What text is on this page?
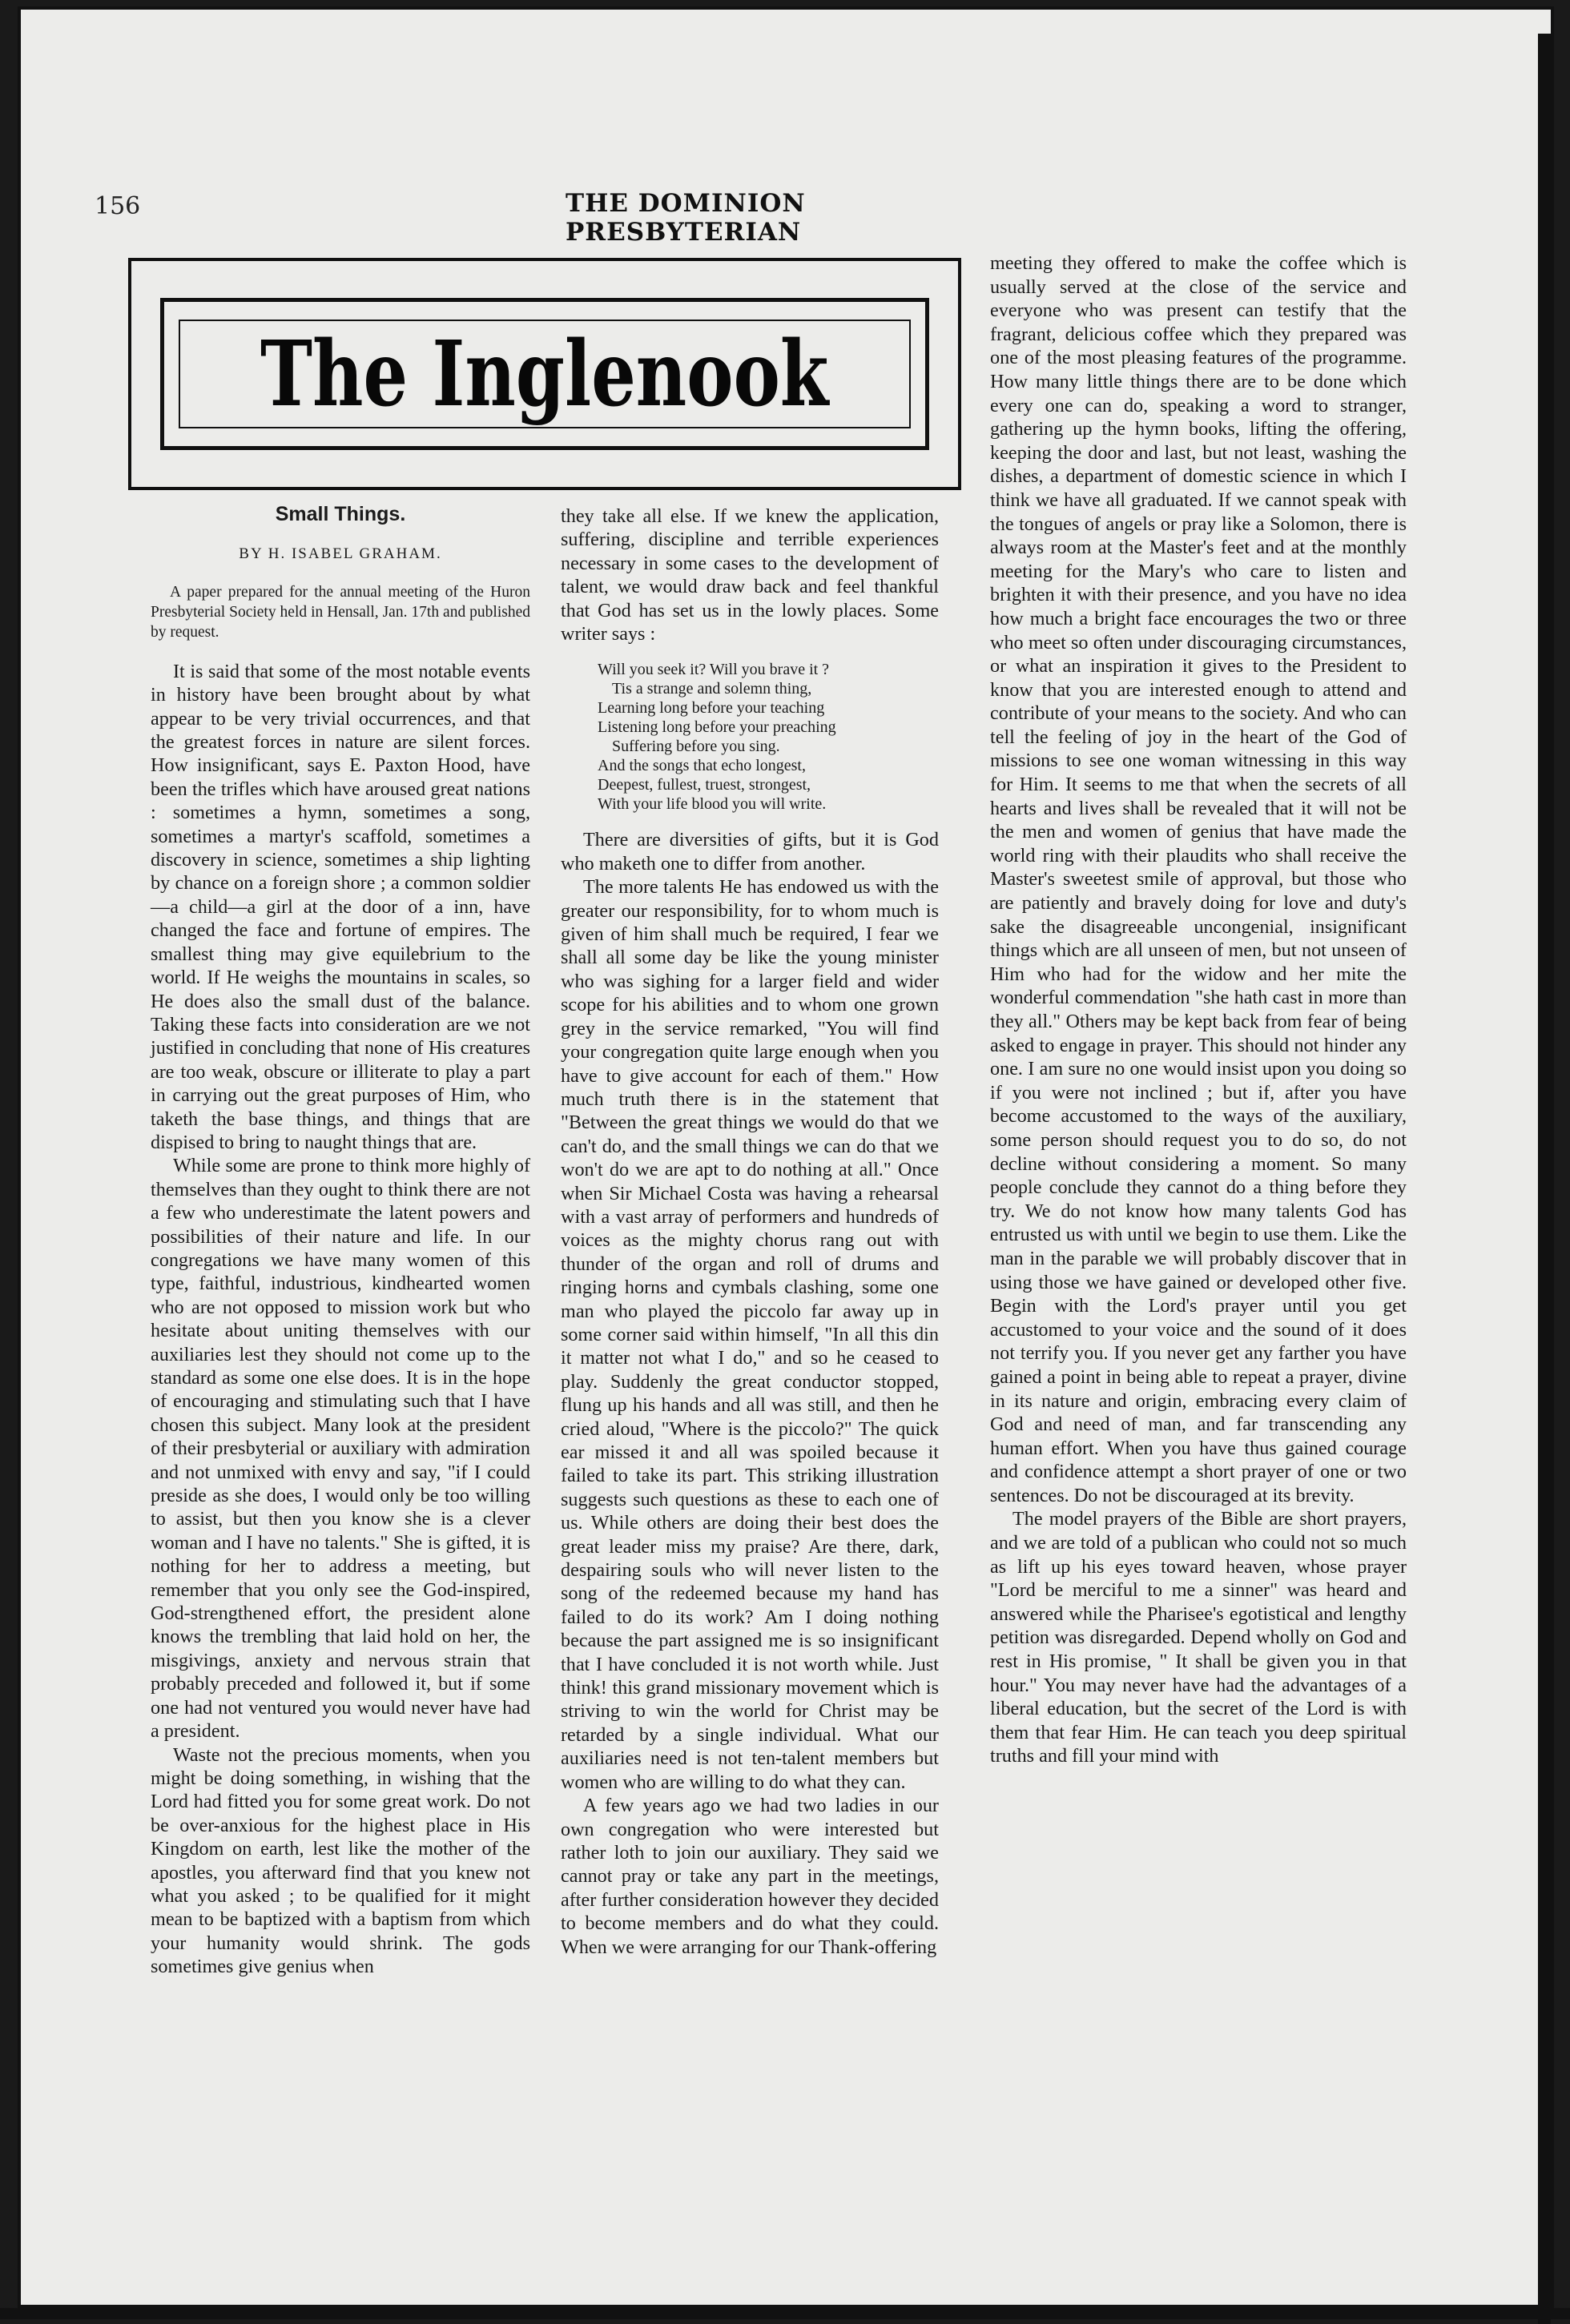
156	THE DOMINION PRESBYTERIAN
The Inglenook

Small Things.

BY H. ISABEL GRAHAM.

A paper prepared for the annual meeting of the Huron Presbyterial Society held in Hensall, Jan. 17th and published by request.

It is said that some of the most notable events in history have been brought about by what appear to be very trivial occurrences, and that the greatest forces in nature are silent forces. How insignificant, says E. Paxton Hood, have been the trifles which have aroused great nations : sometimes a hymn, sometimes a song, sometimes a martyr's scaffold, sometimes a discovery in science, sometimes a ship lighting by chance on a foreign shore ; a common soldier—a child—a girl at the door of a inn, have changed the face and fortune of empires. The smallest thing may give equilebrium to the world. If He weighs the mountains in scales, so He does also the small dust of the balance. Taking these facts into consideration are we not justified in concluding that none of His creatures are too weak, obscure or illiterate to play a part in carrying out the great purposes of Him, who taketh the base things, and things that are dispised to bring to naught things that are.

While some are prone to think more highly of themselves than they ought to think there are not a few who underestimate the latent powers and possibilities of their nature and life. In our congregations we have many women of this type, faithful, industrious, kindhearted women who are not opposed to mission work but who hesitate about uniting themselves with our auxiliaries lest they should not come up to the standard as some one else does. It is in the hope of encouraging and stimulating such that I have chosen this subject. Many look at the president of their presbyterial or auxiliary with admiration and not unmixed with envy and say, "if I could preside as she does, I would only be too willing to assist, but then you know she is a clever woman and I have no talents." She is gifted, it is nothing for her to address a meeting, but remember that you only see the God-inspired, God-strengthened effort, the president alone knows the trembling that laid hold on her, the misgivings, anxiety and nervous strain that probably preceded and followed it, but if some one had not ventured you would never have had a president.

Waste not the precious moments, when you might be doing something, in wishing that the Lord had fitted you for some great work. Do not be over-anxious for the highest place in His Kingdom on earth, lest like the mother of the apostles, you afterward find that you knew not what you asked ; to be qualified for it might mean to be baptized with a baptism from which your humanity would shrink. The gods sometimes give genius when

they take all else. If we knew the application, suffering, discipline and terrible experiences necessary in some cases to the development of talent, we would draw back and feel thankful that God has set us in the lowly places. Some writer says :

Will you seek it? Will you brave it ?
Tis a strange and solemn thing,
Learning long before your teaching
Listening long before your preaching
Suffering before you sing.
And the songs that echo longest,
Deepest, fullest, truest, strongest,
With your life blood you will write.

There are diversities of gifts, but it is God who maketh one to differ from another.

The more talents He has endowed us with the greater our responsibility, for to whom much is given of him shall much be required, I fear we shall all some day be like the young minister who was sighing for a larger field and wider scope for his abilities and to whom one grown grey in the service remarked, "You will find your congregation quite large enough when you have to give account for each of them." How much truth there is in the statement that "Between the great things we would do that we can't do, and the small things we can do that we won't do we are apt to do nothing at all." Once when Sir Michael Costa was having a rehearsal with a vast array of performers and hundreds of voices as the mighty chorus rang out with thunder of the organ and roll of drums and ringing horns and cymbals clashing, some one man who played the piccolo far away up in some corner said within himself, "In all this din it matter not what I do," and so he ceased to play. Suddenly the great conductor stopped, flung up his hands and all was still, and then he cried aloud, "Where is the piccolo?" The quick ear missed it and all was spoiled because it failed to take its part. This striking illustration suggests such questions as these to each one of us. While others are doing their best does the great leader miss my praise? Are there, dark, despairing souls who will never listen to the song of the redeemed because my hand has failed to do its work? Am I doing nothing because the part assigned me is so insignificant that I have concluded it is not worth while. Just think! this grand missionary movement which is striving to win the world for Christ may be retarded by a single individual. What our auxiliaries need is not ten-talent members but women who are willing to do what they can.

A few years ago we had two ladies in our own congregation who were interested but rather loth to join our auxiliary. They said we cannot pray or take any part in the meetings, after further consideration however they decided to become members and do what they could. When we were arranging for our Thank-offering

meeting they offered to make the coffee which is usually served at the close of the service and everyone who was present can testify that the fragrant, delicious coffee which they prepared was one of the most pleasing features of the programme. How many little things there are to be done which every one can do, speaking a word to stranger, gathering up the hymn books, lifting the offering, keeping the door and last, but not least, washing the dishes, a department of domestic science in which I think we have all graduated. If we cannot speak with the tongues of angels or pray like a Solomon, there is always room at the Master's feet and at the monthly meeting for the Mary's who care to listen and brighten it with their presence, and you have no idea how much a bright face encourages the two or three who meet so often under discouraging circumstances, or what an inspiration it gives to the President to know that you are interested enough to attend and contribute of your means to the society. And who can tell the feeling of joy in the heart of the God of missions to see one woman witnessing in this way for Him. It seems to me that when the secrets of all hearts and lives shall be revealed that it will not be the men and women of genius that have made the world ring with their plaudits who shall receive the Master's sweetest smile of approval, but those who are patiently and bravely doing for love and duty's sake the disagreeable uncongenial, insignificant things which are all unseen of men, but not unseen of Him who had for the widow and her mite the wonderful commendation "she hath cast in more than they all." Others may be kept back from fear of being asked to engage in prayer. This should not hinder any one. I am sure no one would insist upon you doing so if you were not inclined ; but if, after you have become accustomed to the ways of the auxiliary, some person should request you to do so, do not decline without considering a moment. So many people conclude they cannot do a thing before they try. We do not know how many talents God has entrusted us with until we begin to use them. Like the man in the parable we will probably discover that in using those we have gained or developed other five. Begin with the Lord's prayer until you get accustomed to your voice and the sound of it does not terrify you. If you never get any farther you have gained a point in being able to repeat a prayer, divine in its nature and origin, embracing every claim of God and need of man, and far transcending any human effort. When you have thus gained courage and confidence attempt a short prayer of one or two sentences. Do not be discouraged at its brevity.

The model prayers of the Bible are short prayers, and we are told of a publican who could not so much as lift up his eyes toward heaven, whose prayer "Lord be merciful to me a sinner" was heard and answered while the Pharisee's egotistical and lengthy petition was disregarded. Depend wholly on God and rest in His promise, " It shall be given you in that hour." You may never have had the advantages of a liberal education, but the secret of the Lord is with them that fear Him. He can teach you deep spiritual truths and fill your mind with
